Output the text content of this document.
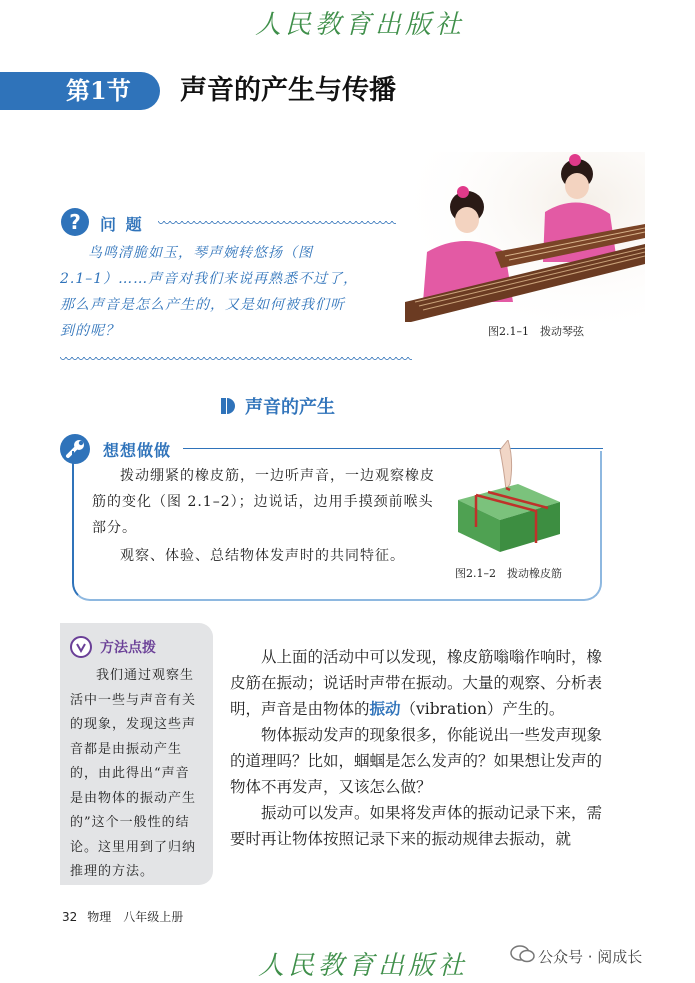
人民教育出版社
第1节	声音的产生与传播
?	问 题
鸟鸣清脆如玉，琴声婉转悠扬（图
2.1–1）……声音对我们来说再熟悉不过了，
那么声音是怎么产生的，又是如何被我们听
到的呢？	图2.1–1　拨动琴弦
声音的产生
想想做做

拨动绷紧的橡皮筋，一边听声音，一边观察橡皮筋的变化（图 2.1–2）；边说话，边用手摸颈前喉头部分。

观察、体验、总结物体发声时的共同特征。

图2.1–2　拨动橡皮筋
方法点拨
我们通过观察生
活中一些与声音有关
的现象，发现这些声
音都是由振动产生
的，由此得出“声音
是由物体的振动产生
的”这个一般性的结
论。这里用到了归纳
推理的方法。

从上面的活动中可以发现，橡皮筋嗡嗡作响时，橡皮筋在振动；说话时声带在振动。大量的观察、分析表明，声音是由物体的振动（vibration）产生的。

物体振动发声的现象很多，你能说出一些发声现象的道理吗？比如，蝈蝈是怎么发声的？如果想让发声的物体不再发声，又该怎么做？

振动可以发声。如果将发声体的振动记录下来，需要时再让物体按照记录下来的振动规律去振动，就

32 物理　八年级上册
人民教育出版社	公众号 · 阅成长
